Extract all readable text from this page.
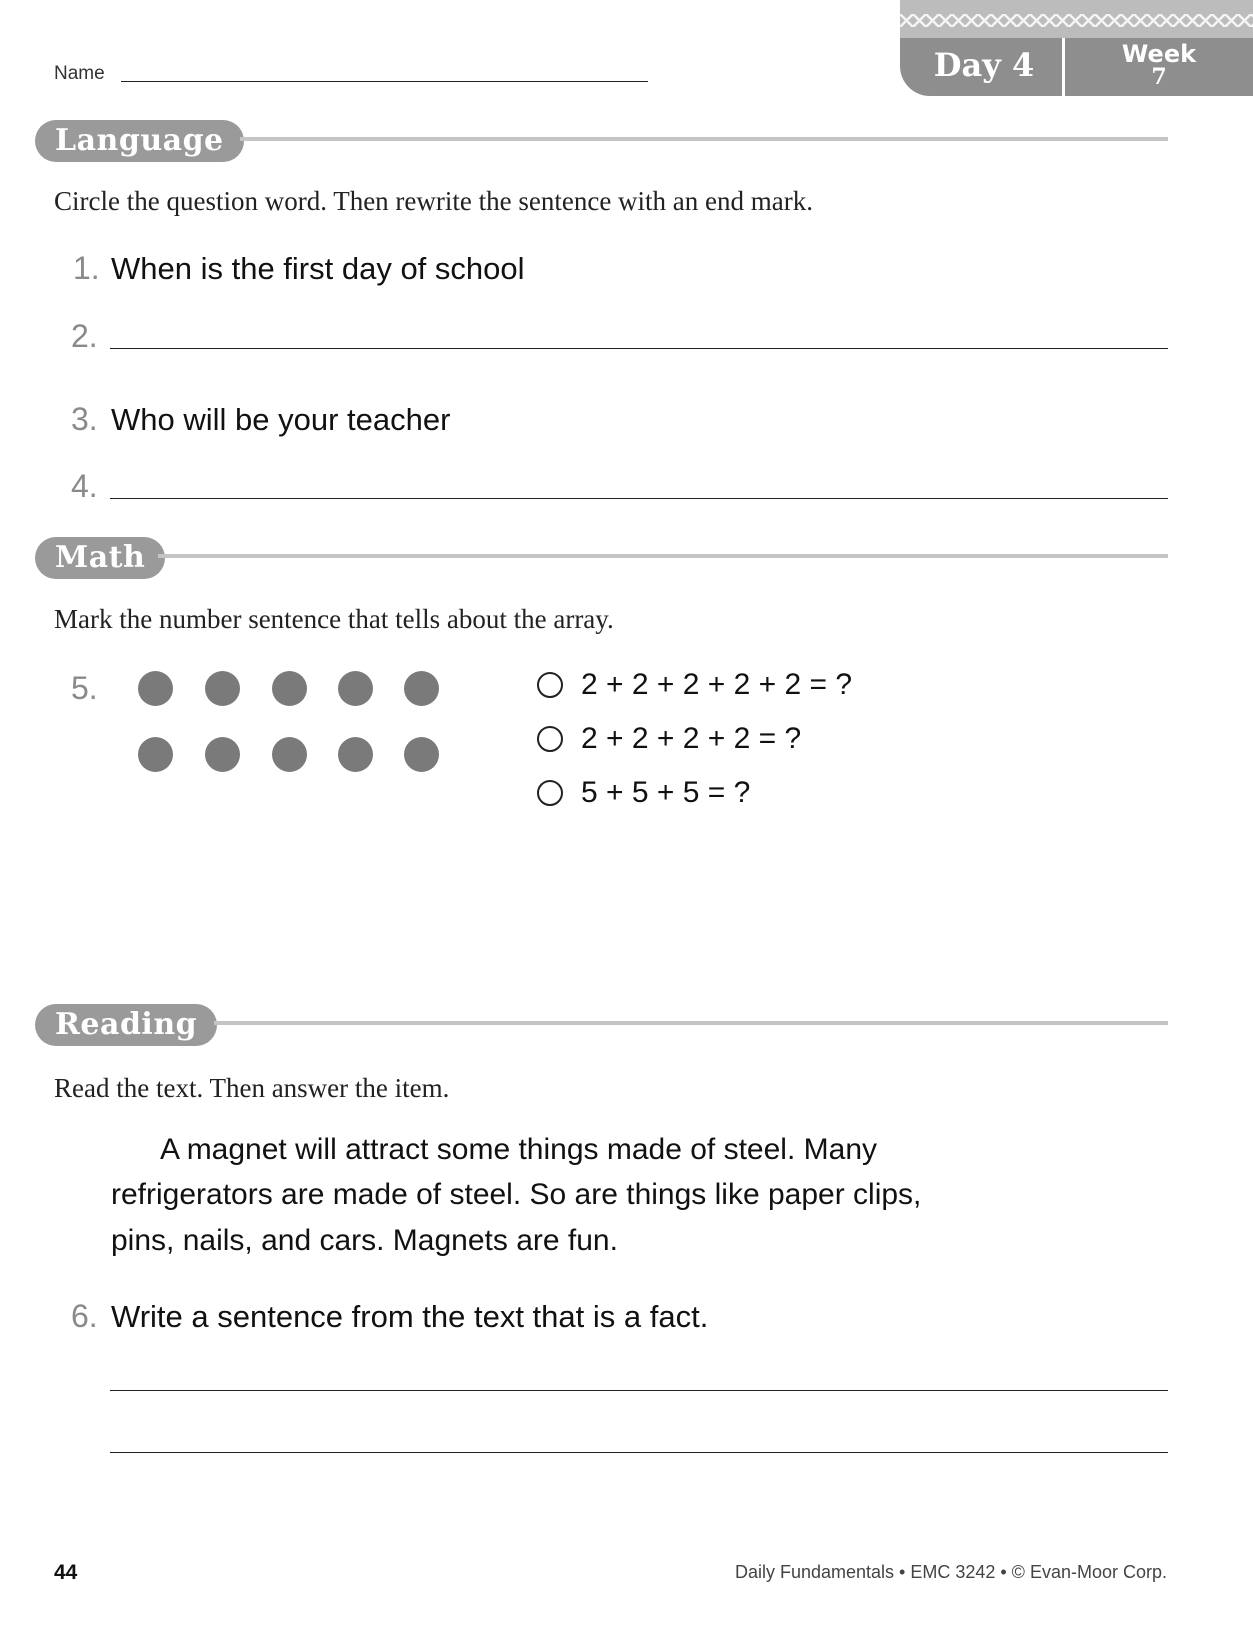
Day 4	Week
7
Name
Language
Circle the question word. Then rewrite the sentence with an end mark.
1. When is the first day of school
2.
3. Who will be your teacher
4.
Math
Mark the number sentence that tells about the array.
5.	2 + 2 + 2 + 2 + 2 = ?
2 + 2 + 2 + 2 = ?
5 + 5 + 5 = ?
Reading
Read the text. Then answer the item.
A magnet will attract some things made of steel. Many
refrigerators are made of steel. So are things like paper clips,
pins, nails, and cars. Magnets are fun.
6. Write a sentence from the text that is a fact.
44	Daily Fundamentals • EMC 3242 • © Evan-Moor Corp.
